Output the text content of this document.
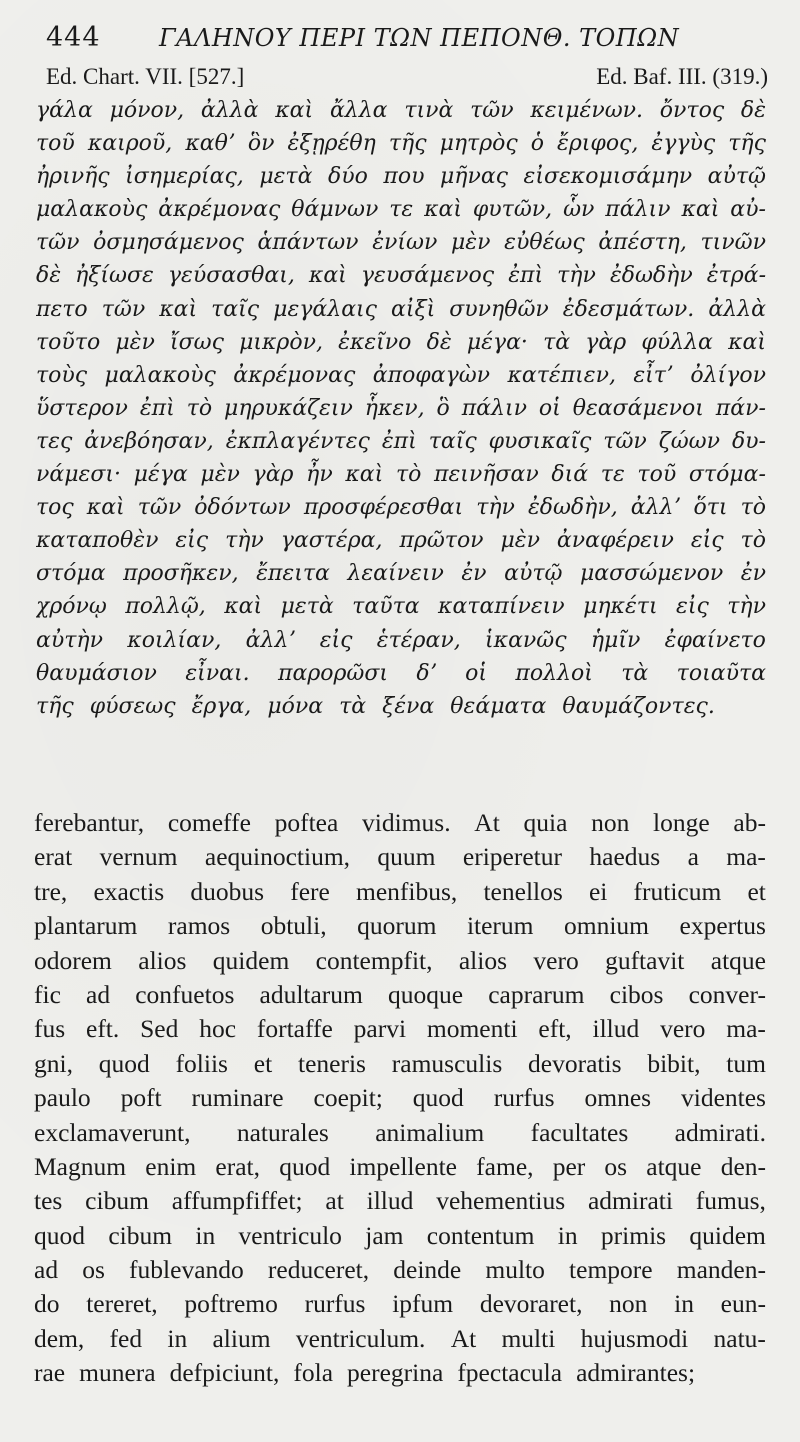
444 ΓΑΛΗΝΟΥ ΠΕΡΙ ΤΩΝ ΠΕΠΟΝΘ. ΤΟΠΩΝ
Ed. Chart. VII. [527.]	Ed. Baf. III. (319.)
γάλα μόνον, ἀλλὰ καὶ ἄλλα τινὰ τῶν κειμένων. ὄντος δὲ
τοῦ καιροῦ, καθʼ ὃν ἐξῃρέθη τῆς μητρὸς ὁ ἔριφος, ἐγγὺς τῆς
ἠρινῆς ἰσημερίας, μετὰ δύο που μῆνας εἰσεκομισάμην αὐτῷ
μαλακοὺς ἀκρέμονας θάμνων τε καὶ φυτῶν, ὧν πάλιν καὶ αὐ-
τῶν ὀσμησάμενος ἁπάντων ἐνίων μὲν εὐθέως ἀπέστη, τινῶν
δὲ ἠξίωσε γεύσασθαι, καὶ γευσάμενος ἐπὶ τὴν ἐδωδὴν ἐτρά-
πετο τῶν καὶ ταῖς μεγάλαις αἰξὶ συνηθῶν ἐδεσμάτων. ἀλλὰ
τοῦτο μὲν ἴσως μικρὸν, ἐκεῖνο δὲ μέγα· τὰ γὰρ φύλλα καὶ
τοὺς μαλακοὺς ἀκρέμονας ἀποφαγὼν κατέπιεν, εἶτʼ ὀλίγον
ὕστερον ἐπὶ τὸ μηρυκάζειν ἧκεν, ὃ πάλιν οἱ θεασάμενοι πάν-
τες ἀνεβόησαν, ἐκπλαγέντες ἐπὶ ταῖς φυσικαῖς τῶν ζώων δυ-
νάμεσι· μέγα μὲν γὰρ ἦν καὶ τὸ πεινῆσαν διά τε τοῦ στόμα-
τος καὶ τῶν ὀδόντων προσφέρεσθαι τὴν ἐδωδὴν, ἀλλʼ ὅτι τὸ
καταποθὲν εἰς τὴν γαστέρα, πρῶτον μὲν ἀναφέρειν εἰς τὸ
στόμα προσῆκεν, ἔπειτα λεαίνειν ἐν αὐτῷ μασσώμενον ἐν
χρόνῳ πολλῷ, καὶ μετὰ ταῦτα καταπίνειν μηκέτι εἰς τὴν
αὐτὴν κοιλίαν, ἀλλʼ εἰς ἑτέραν, ἱκανῶς ἡμῖν ἐφαίνετο
θαυμάσιον εἶναι. παρορῶσι δʼ οἱ πολλοὶ τὰ τοιαῦτα
τῆς φύσεως ἔργα, μόνα τὰ ξένα θεάματα θαυμάζοντες.
ferebantur, comeffe poftea vidimus. At quia non longe ab-
erat vernum aequinoctium, quum eriperetur haedus a ma-
tre, exactis duobus fere menfibus, tenellos ei fruticum et
plantarum ramos obtuli, quorum iterum omnium expertus
odorem alios quidem contempfit, alios vero guftavit atque
fic ad confuetos adultarum quoque caprarum cibos conver-
fus eft. Sed hoc fortaffe parvi momenti eft, illud vero ma-
gni, quod foliis et teneris ramusculis devoratis bibit, tum
paulo poft ruminare coepit; quod rurfus omnes videntes
exclamaverunt, naturales animalium facultates admirati.
Magnum enim erat, quod impellente fame, per os atque den-
tes cibum affumpfiffet; at illud vehementius admirati fumus,
quod cibum in ventriculo jam contentum in primis quidem
ad os fublevando reduceret, deinde multo tempore manden-
do tereret, poftremo rurfus ipfum devoraret, non in eun-
dem, fed in alium ventriculum. At multi hujusmodi natu-
rae munera defpiciunt, fola peregrina fpectacula admirantes;
